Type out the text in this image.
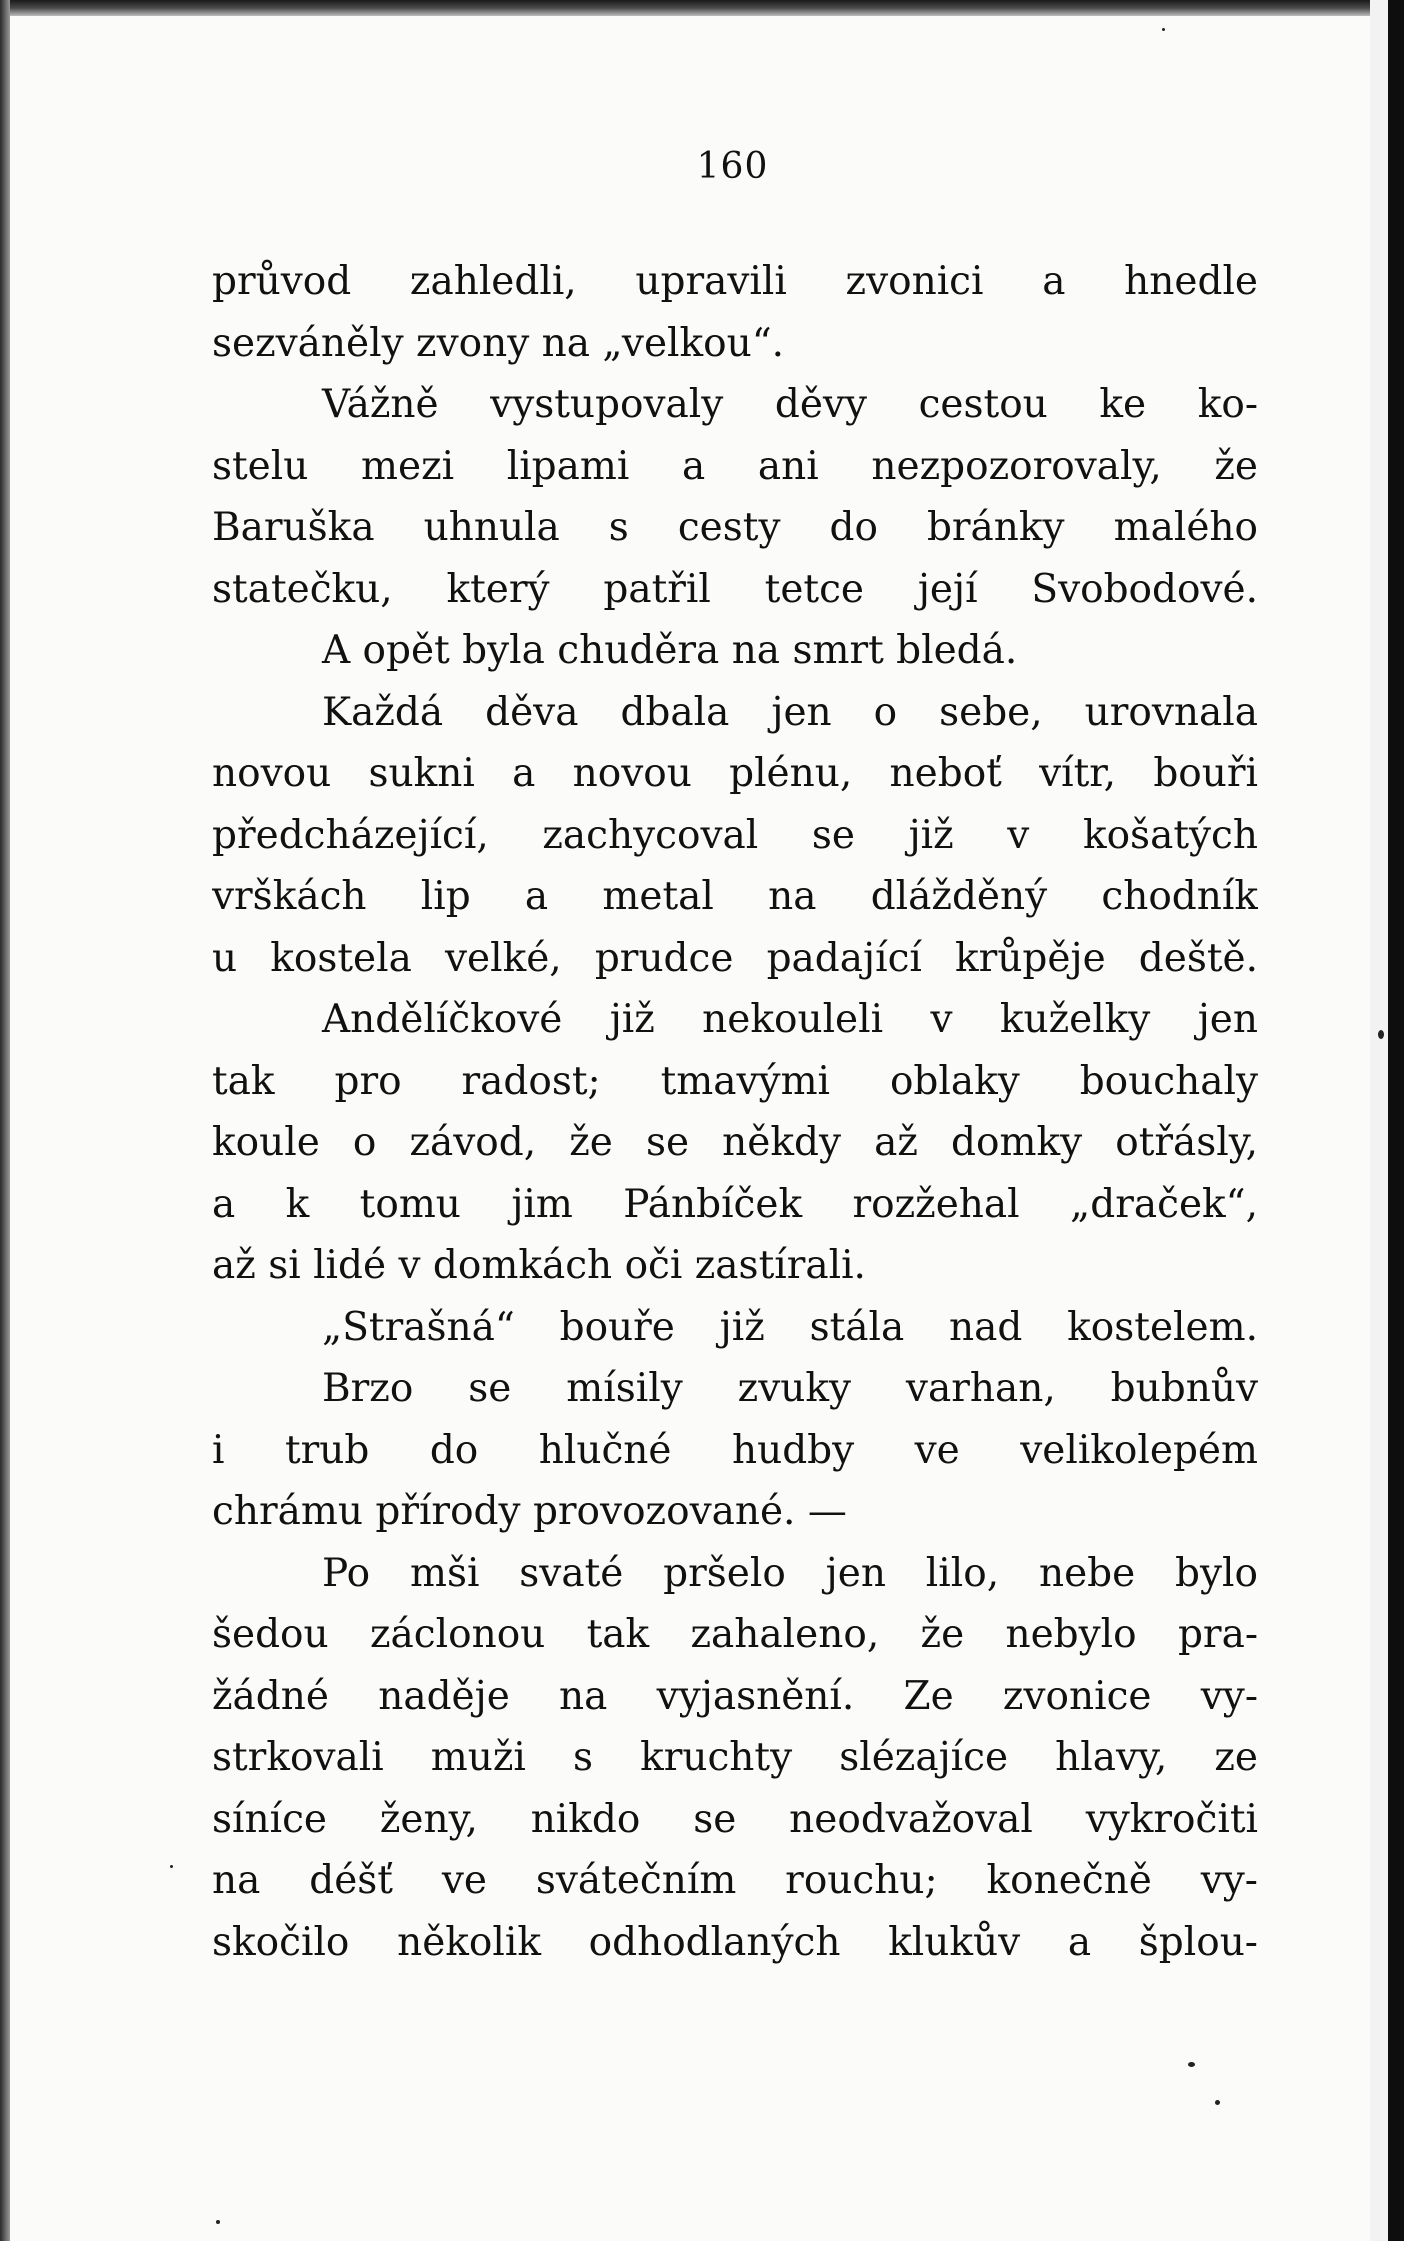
160
průvod zahledli, upravili zvonici a hnedle
sezváněly zvony na „velkou“.
Vážně vystupovaly děvy cestou ke ko-
stelu mezi lipami a ani nezpozorovaly, že
Baruška uhnula s cesty do bránky malého
statečku, který patřil tetce její Svobodové.
A opět byla chuděra na smrt bledá.
Každá děva dbala jen o sebe, urovnala
novou sukni a novou plénu, neboť vítr, bouři
předcházející, zachycoval se již v košatých
vrškách lip a metal na dlážděný chodník
u kostela velké, prudce padající krůpěje deště.
Andělíčkové již nekouleli v kuželky jen
tak pro radost; tmavými oblaky bouchaly
koule o závod, že se někdy až domky otřásly,
a k tomu jim Pánbíček rozžehal „draček“,
až si lidé v domkách oči zastírali.
„Strašná“ bouře již stála nad kostelem.
Brzo se mísily zvuky varhan, bubnův
i trub do hlučné hudby ve velikolepém
chrámu přírody provozované. —
Po mši svaté pršelo jen lilo, nebe bylo
šedou záclonou tak zahaleno, že nebylo pra-
žádné naděje na vyjasnění. Ze zvonice vy-
strkovali muži s kruchty slézajíce hlavy, ze
síníce ženy, nikdo se neodvažoval vykročiti
na déšť ve svátečním rouchu; konečně vy-
skočilo několik odhodlaných klukův a šplou-
